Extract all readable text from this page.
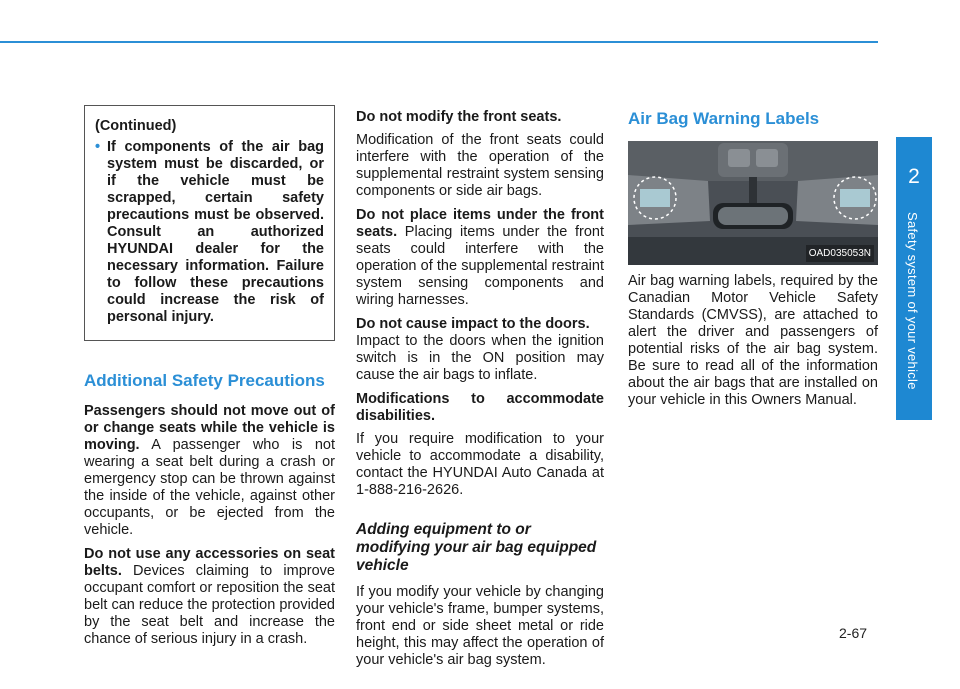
2
Safety system of your vehicle
(Continued)
• If components of the air bag system must be discarded, or if the vehicle must be scrapped, certain safety precautions must be observed. Consult an authorized HYUNDAI dealer for the necessary information. Failure to follow these precautions could increase the risk of personal injury.
Additional Safety Precautions

Passengers should not move out of or change seats while the vehicle is moving. A passenger who is not wearing a seat belt during a crash or emergency stop can be thrown against the inside of the vehicle, against other occupants, or be ejected from the vehicle.

Do not use any accessories on seat belts. Devices claiming to improve occupant comfort or reposition the seat belt can reduce the protection provided by the seat belt and increase the chance of serious injury in a crash.

Do not modify the front seats.

Modification of the front seats could interfere with the operation of the supplemental restraint system sensing components or side air bags.

Do not place items under the front seats. Placing items under the front seats could interfere with the operation of the supplemental restraint system sensing components and wiring harnesses.

Do not cause impact to the doors.

Impact to the doors when the ignition switch is in the ON position may cause the air bags to inflate.

Modifications to accommodate disabilities.

If you require modification to your vehicle to accommodate a disability, contact the HYUNDAI Auto Canada at 1-888-216-2626.

Adding equipment to or modifying your air bag equipped vehicle

If you modify your vehicle by changing your vehicle's frame, bumper systems, front end or side sheet metal or ride height, this may affect the operation of your vehicle's air bag system.

Air Bag Warning Labels
OAD035053N

Air bag warning labels, required by the Canadian Motor Vehicle Safety Standards (CMVSS), are attached to alert the driver and passengers of potential risks of the air bag system. Be sure to read all of the information about the air bags that are installed on your vehicle in this Owners Manual.

2-67
